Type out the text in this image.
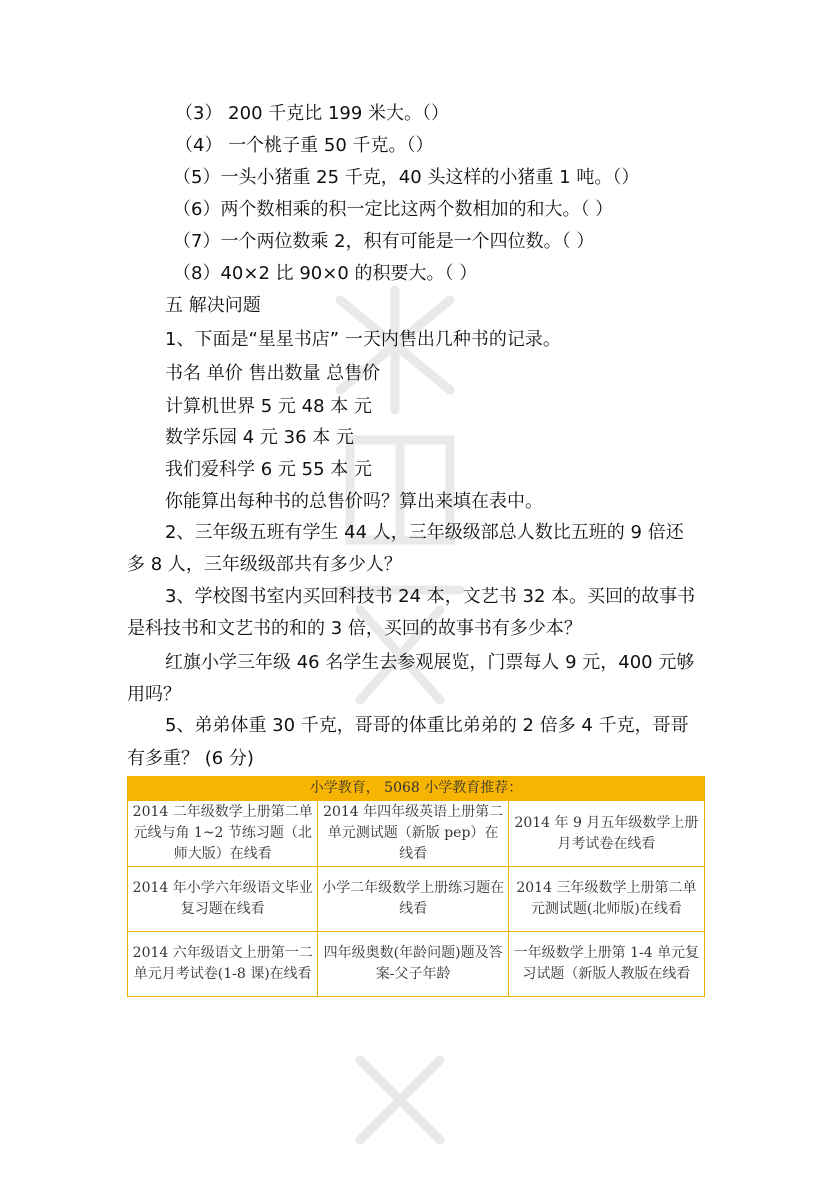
（3） 200 千克比 199 米大。（）
（4） 一个桃子重 50 千克。（）
（5）一头小猪重 25 千克，40 头这样的小猪重 1 吨。（）
（6）两个数相乘的积一定比这两个数相加的和大。（ ）
（7）一个两位数乘 2，积有可能是一个四位数。（ ）
（8）40×2 比 90×0 的积要大。（ ）
五 解决问题
1、下面是“星星书店” 一天内售出几种书的记录。
书名 单价 售出数量 总售价
计算机世界 5 元 48 本 元
数学乐园 4 元 36 本 元
我们爱科学 6 元 55 本 元
你能算出每种书的总售价吗？算出来填在表中。
2、三年级五班有学生 44 人，三年级级部总人数比五班的 9 倍还
多 8 人，三年级级部共有多少人？
3、学校图书室内买回科技书 24 本，文艺书 32 本。买回的故事书
是科技书和文艺书的和的 3 倍，买回的故事书有多少本？
红旗小学三年级 46 名学生去参观展览，门票每人 9 元，400 元够
用吗？
5、弟弟体重 30 千克，哥哥的体重比弟弟的 2 倍多 4 千克，哥哥
有多重？ (6 分)
小学教育， 5068 小学教育推荐：		

2014 二年级数学上册第二单元线与角 1~2 节练习题（北师大版）在线看	2014 年四年级英语上册第二单元测试题（新版 pep）在线看	2014 年 9 月五年级数学上册月考试卷在线看

2014 年小学六年级语文毕业复习题在线看	小学二年级数学上册练习题在线看	2014 三年级数学上册第二单元测试题(北师版)在线看

2014 六年级语文上册第一二单元月考试卷(1-8 课)在线看	四年级奥数(年龄问题)题及答案-父子年龄	一年级数学上册第 1-4 单元复习试题（新版人教版在线看
